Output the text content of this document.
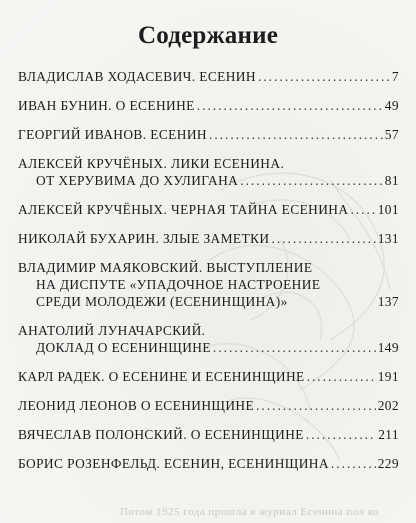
Содержание
ВЛАДИСЛАВ ХОДАСЕВИЧ. ЕСЕНИН .....	7
ИВАН БУНИН. О ЕСЕНИНЕ .....	49
ГЕОРГИЙ ИВАНОВ. ЕСЕНИН .....	57
АЛЕКСЕЙ КРУЧЁНЫХ. ЛИКИ ЕСЕНИНА.
ОТ ХЕРУВИМА ДО ХУЛИГАНА .....	81
АЛЕКСЕЙ КРУЧЁНЫХ. ЧЕРНАЯ ТАЙНА ЕСЕНИНА ..... 101
НИКОЛАЙ БУХАРИН. ЗЛЫЕ ЗАМЕТКИ .....	131
ВЛАДИМИР МАЯКОВСКИЙ. ВЫСТУПЛЕНИЕ
НА ДИСПУТЕ «УПАДОЧНОЕ НАСТРОЕНИЕ
СРЕДИ МОЛОДЕЖИ (ЕСЕНИНЩИНА)»	137
АНАТОЛИЙ ЛУНАЧАРСКИЙ.
ДОКЛАД О ЕСЕНИНЩИНЕ .....	149
КАРЛ РАДЕК. О ЕСЕНИНЕ И ЕСЕНИНЩИНЕ .....	191
ЛЕОНИД ЛЕОНОВ О ЕСЕНИНЩИНЕ .....	202
ВЯЧЕСЛАВ ПОЛОНСКИЙ. О ЕСЕНИНЩИНЕ .....	211
БОРИС РОЗЕНФЕЛЬД. ЕСЕНИН, ЕСЕНИНЩИНА .....	229
Потом 1925 года прошла в журнал Есенина пол ко
